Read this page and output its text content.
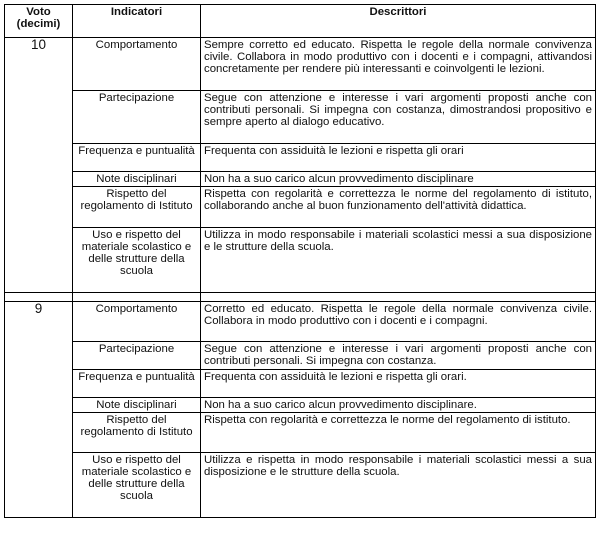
Voto (decimi)	Indicatori	Descrittori
10	Comportamento	Sempre corretto ed educato. Rispetta le regole della normale convivenza civile. Collabora in modo produttivo con i docenti e i compagni, attivandosi concretamente per rendere più interessanti e coinvolgenti le lezioni.
	Partecipazione	Segue con attenzione e interesse i vari argomenti proposti anche con contributi personali. Si impegna con costanza, dimostrandosi propositivo e sempre aperto al dialogo educativo.
	Frequenza e puntualità	Frequenta con assiduità le lezioni e rispetta gli orari
	Note disciplinari	Non ha a suo carico alcun provvedimento disciplinare
	Rispetto del regolamento di Istituto	Rispetta con regolarità e correttezza le norme del regolamento di istituto, collaborando anche al buon funzionamento dell'attività didattica.
	Uso e rispetto del materiale scolastico e delle strutture della scuola	Utilizza in modo responsabile i materiali scolastici messi a sua disposizione e le strutture della scuola.

9	Comportamento	Corretto ed educato. Rispetta le regole della normale convivenza civile. Collabora in modo produttivo con i docenti e i compagni.
	Partecipazione	Segue con attenzione e interesse i vari argomenti proposti anche con contributi personali. Si impegna con costanza.
	Frequenza e puntualità	Frequenta con assiduità le lezioni e rispetta gli orari.
	Note disciplinari	Non ha a suo carico alcun provvedimento disciplinare.
	Rispetto del regolamento di Istituto	Rispetta con regolarità e correttezza le norme del regolamento di istituto.
	Uso e rispetto del materiale scolastico e delle strutture della scuola	Utilizza e rispetta in modo responsabile i materiali scolastici messi a sua disposizione e le strutture della scuola.
